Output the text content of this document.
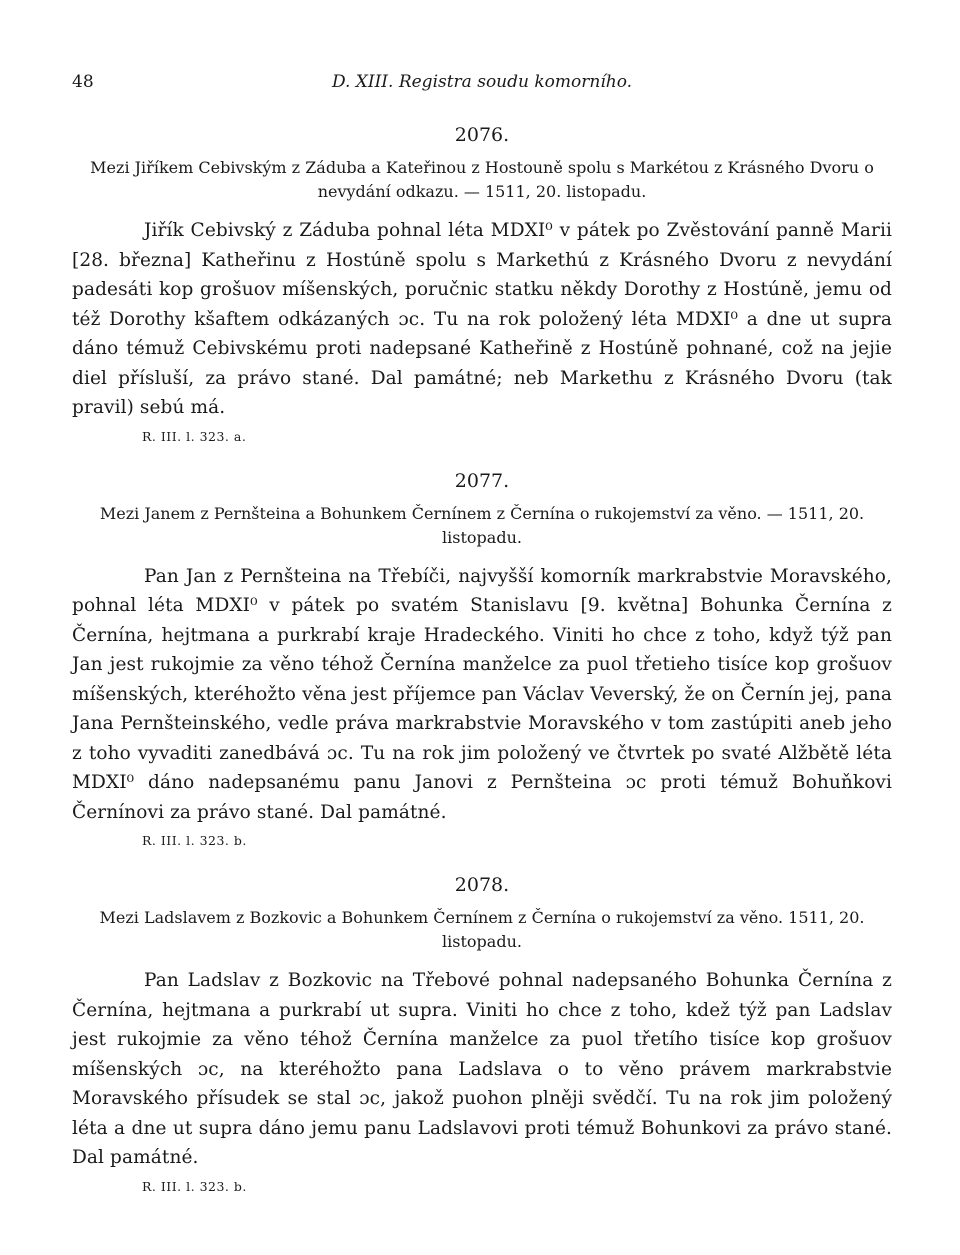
48	D. XIII. Registra soudu komorního.
2076.
Mezi Jiříkem Cebivským z Záduba a Kateřinou z Hostouně spolu s Markétou z Krásného Dvoru o nevydání odkazu. — 1511, 20. listopadu.

Jiřík Cebivský z Záduba pohnal léta MDXI⁰ v pátek po Zvěstování panně Marii [28. března] Katheřinu z Hostúně spolu s Markethú z Krásného Dvoru z nevydání padesáti kop grošuov míšenských, poručnic statku někdy Dorothy z Hostúně, jemu od též Dorothy kšaftem odkázaných ɔc. Tu na rok položený léta MDXI⁰ a dne ut supra dáno témuž Cebivskému proti nadepsané Katheřině z Hostúně pohnané, což na jejie diel přísluší, za právo stané. Dal památné; neb Markethu z Krásného Dvoru (tak pravil) sebú má.

R. III. l. 323. a.
2077.
Mezi Janem z Pernšteina a Bohunkem Černínem z Černína o rukojemství za věno. — 1511, 20. listopadu.

Pan Jan z Pernšteina na Třebíči, najvyšší komorník markrabstvie Moravského, pohnal léta MDXI⁰ v pátek po svatém Stanislavu [9. května] Bohunka Černína z Černína, hejtmana a purkrabí kraje Hradeckého. Viniti ho chce z toho, když týž pan Jan jest rukojmie za věno téhož Černína manželce za puol třetieho tisíce kop grošuov míšenských, kteréhožto věna jest příjemce pan Václav Veverský, že on Černín jej, pana Jana Pernšteinského, vedle práva markrabstvie Moravského v tom zastúpiti aneb jeho z toho vyvaditi zanedbává ɔc. Tu na rok jim položený ve čtvrtek po svaté Alžbětě léta MDXI⁰ dáno nadepsanému panu Janovi z Pernšteina ɔc proti témuž Bohuňkovi Černínovi za právo stané. Dal památné.

R. III. l. 323. b.
2078.
Mezi Ladslavem z Bozkovic a Bohunkem Černínem z Černína o rukojemství za věno. 1511, 20. listopadu.

Pan Ladslav z Bozkovic na Třebové pohnal nadepsaného Bohunka Černína z Černína, hejtmana a purkrabí ut supra. Viniti ho chce z toho, kdež týž pan Ladslav jest rukojmie za věno téhož Černína manželce za puol třetího tisíce kop grošuov míšenských ɔc, na kteréhožto pana Ladslava o to věno právem markrabstvie Moravského přísudek se stal ɔc, jakož puohon plněji svědčí. Tu na rok jim položený léta a dne ut supra dáno jemu panu Ladslavovi proti témuž Bohunkovi za právo stané. Dal památné.

R. III. l. 323. b.
